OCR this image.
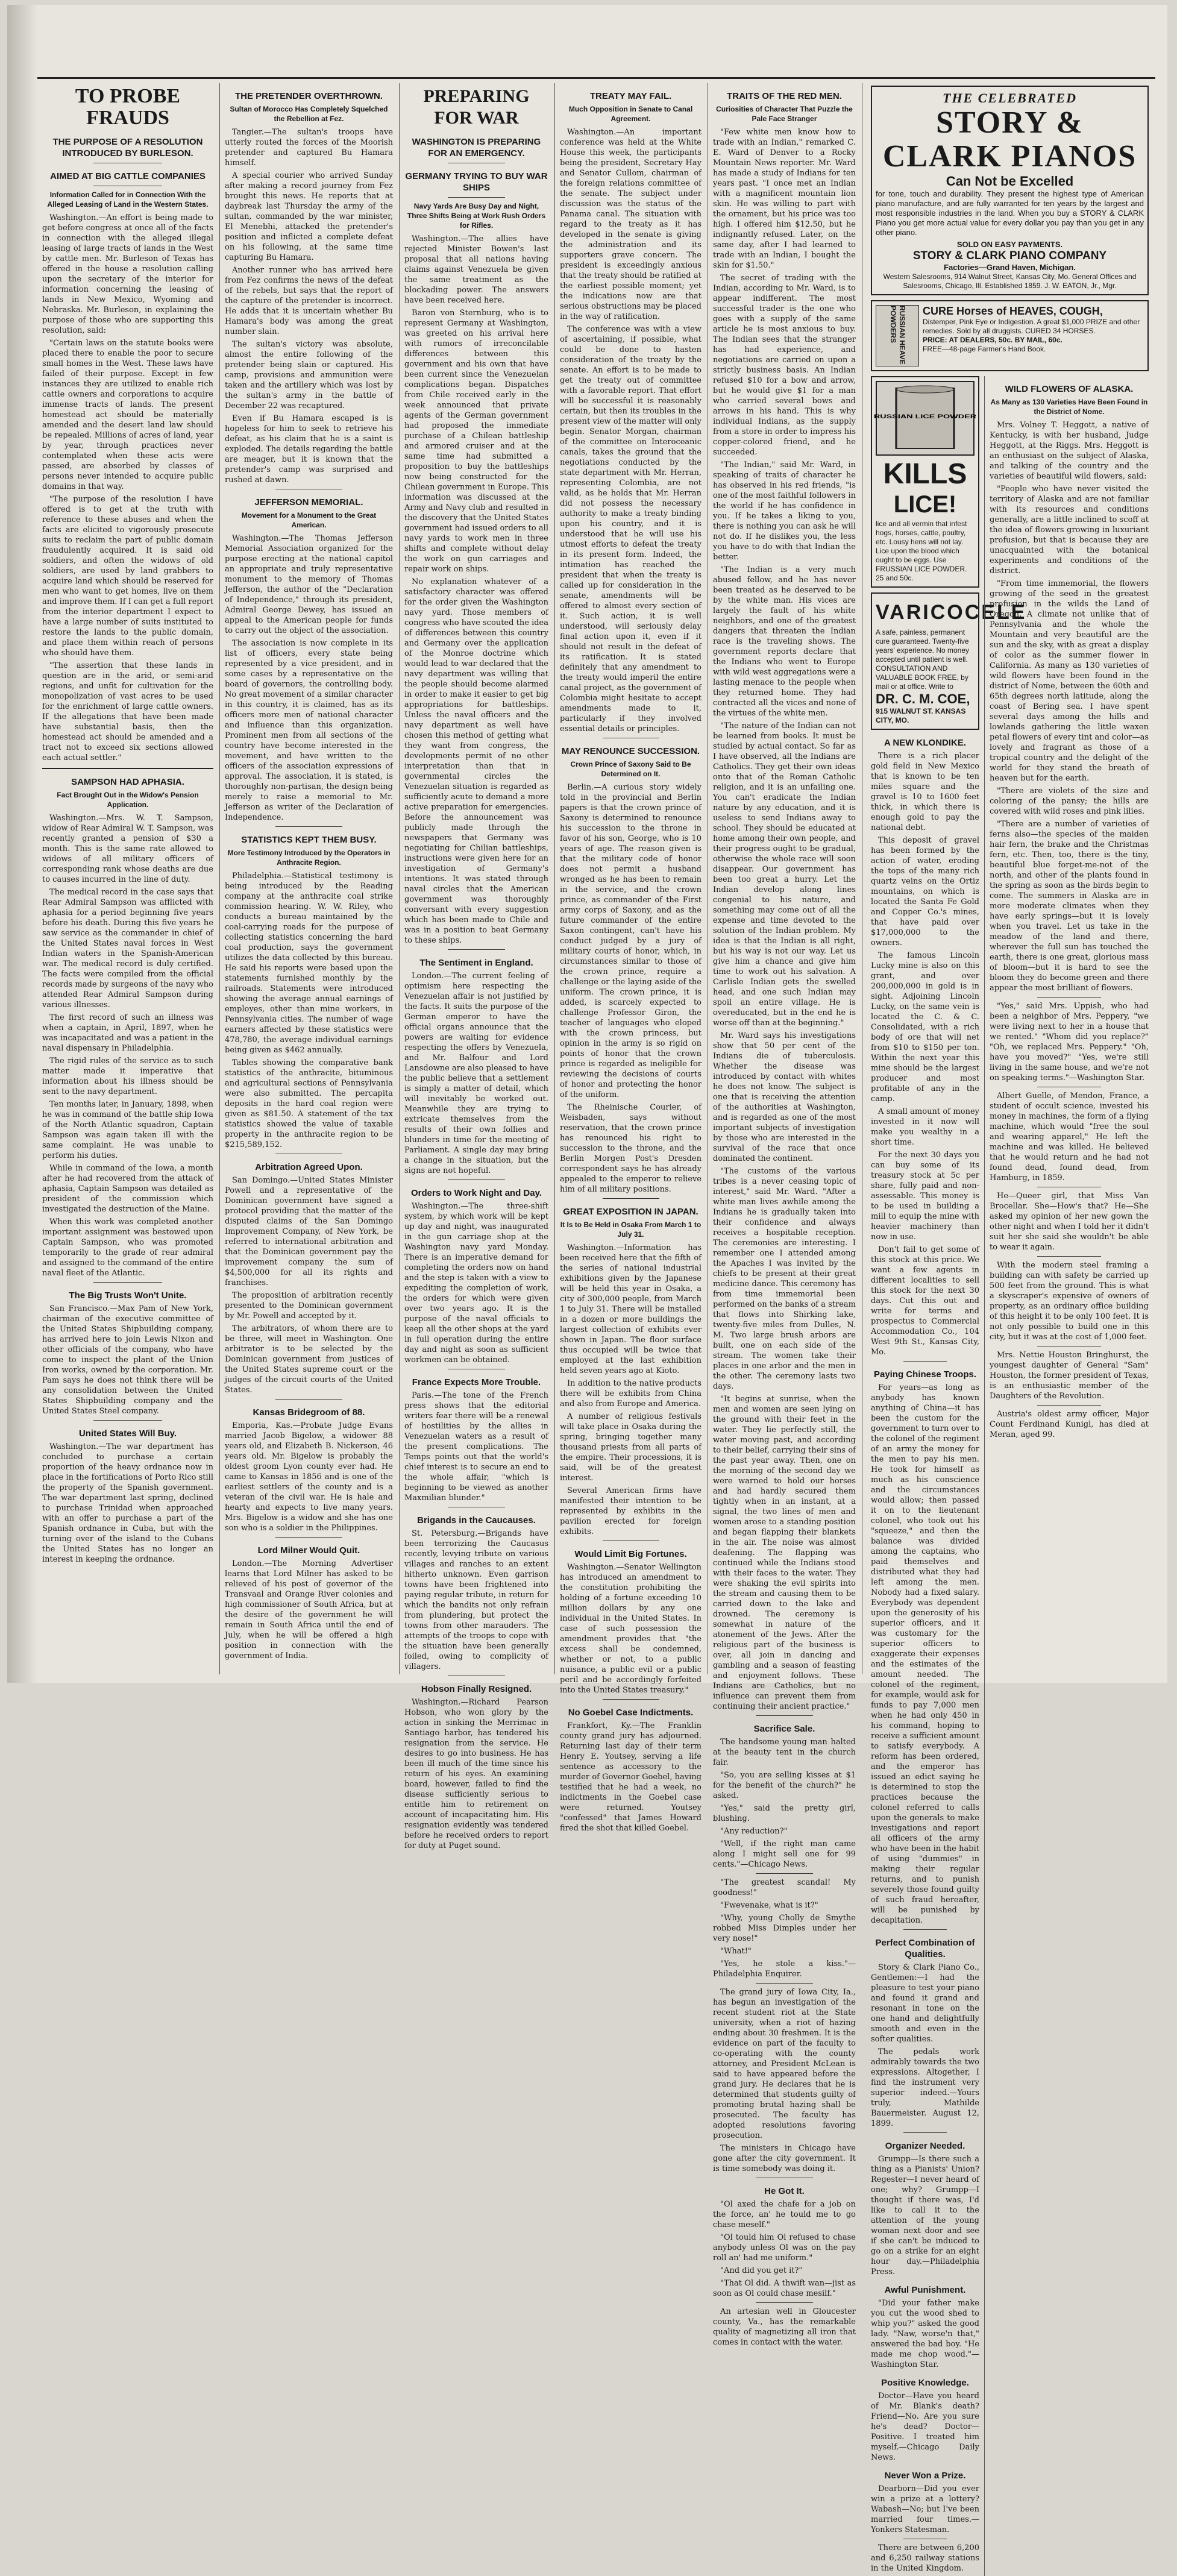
TO PROBE FRAUDS
THE PURPOSE OF A RESOLUTION INTRODUCED BY BURLESON.
AIMED AT BIG CATTLE COMPANIES
Information Called for in Connection With the Alleged Leasing of Land in the Western States.

Washington.—An effort is being made to get before congress at once all of the facts in connection with the alleged illegal leasing of large tracts of lands in the West by cattle men. Mr. Burleson of Texas has offered in the house a resolution calling upon the secretary of the interior for information concerning the leasing of lands in New Mexico, Wyoming and Nebraska. Mr. Burleson, in explaining the purpose of those who are supporting this resolution, said:

"Certain laws on the statute books were placed there to enable the poor to secure small homes in the West. These laws have failed of their purpose. Except in few instances they are utilized to enable rich cattle owners and corporations to acquire immense tracts of lands. The present homestead act should be materially amended and the desert land law should be repealed. Millions of acres of land, year by year, through practices never contemplated when these acts were passed, are absorbed by classes of persons never intended to acquire public domains in that way.

"The purpose of the resolution I have offered is to get at the truth with reference to these abuses and when the facts are elicited to vigorously prosecute suits to reclaim the part of public domain fraudulently acquired. It is said old soldiers, and often the widows of old soldiers, are used by land grabbers to acquire land which should be reserved for men who want to get homes, live on them and improve them. If I can get a full report from the interior department I expect to have a large number of suits instituted to restore the lands to the public domain, and place them within reach of persons who should have them.

"The assertion that these lands in question are in the arid, or semi-arid regions, and unfit for cultivation for the monopolization of vast acres to be used for the enrichment of large cattle owners. If the allegations that have been made have substantial basis, then the homestead act should be amended and a tract not to exceed six sections allowed each actual settler."

SAMPSON HAD APHASIA.
Fact Brought Out in the Widow's Pension Application.

Washington.—Mrs. W. T. Sampson, widow of Rear Admiral W. T. Sampson, was recently granted a pension of $30 a month. This is the same rate allowed to widows of all military officers of corresponding rank whose deaths are due to causes incurred in the line of duty.

The medical record in the case says that Rear Admiral Sampson was afflicted with aphasia for a period beginning five years before his death. During this five years he saw service as the commander in chief of the United States naval forces in West Indian waters in the Spanish-American war. The medical record is duly certified. The facts were compiled from the official records made by surgeons of the navy who attended Rear Admiral Sampson during various illnesses.

The first record of such an illness was when a captain, in April, 1897, when he was incapacitated and was a patient in the naval dispensary in Philadelphia.

The rigid rules of the service as to such matter made it imperative that information about his illness should be sent to the navy department.

Ten months later, in January, 1898, when he was in command of the battle ship Iowa of the North Atlantic squadron, Captain Sampson was again taken ill with the same complaint. He was unable to perform his duties.

While in command of the Iowa, a month after he had recovered from the attack of aphasia, Captain Sampson was detailed as president of the commission which investigated the destruction of the Maine.

When this work was completed another important assignment was bestowed upon Captain Sampson, who was promoted temporarily to the grade of rear admiral and assigned to the command of the entire naval fleet of the Atlantic.

The Big Trusts Won't Unite.

San Francisco.—Max Pam of New York, chairman of the executive committee of the United States Shipbuilding company, has arrived here to join Lewis Nixon and other officials of the company, who have come to inspect the plant of the Union Iron works, owned by the corporation. Mr. Pam says he does not think there will be any consolidation between the United States Shipbuilding company and the United States Steel company.

United States Will Buy.

Washington.—The war department has concluded to purchase a certain proportion of the heavy ordnance now in place in the fortifications of Porto Rico still the property of the Spanish government. The war department last spring, declined to purchase Trinidad when approached with an offer to purchase a part of the Spanish ordnance in Cuba, but with the turning over of the island to the Cubans the United States has no longer an interest in keeping the ordnance.

THE PRETENDER OVERTHROWN.
Sultan of Morocco Has Completely Squelched the Rebellion at Fez.

Tangier.—The sultan's troops have utterly routed the forces of the Moorish pretender and captured Bu Hamara himself.

A special courier who arrived Sunday after making a record journey from Fez brought this news. He reports that at daybreak last Thursday the army of the sultan, commanded by the war minister, El Menebhi, attacked the pretender's position and inflicted a complete defeat on his following, at the same time capturing Bu Hamara.

Another runner who has arrived here from Fez confirms the news of the defeat of the rebels, but says that the report of the capture of the pretender is incorrect. He adds that it is uncertain whether Bu Hamara's body was among the great number slain.

The sultan's victory was absolute, almost the entire following of the pretender being slain or captured. His camp, provisions and ammunition were taken and the artillery which was lost by the sultan's army in the battle of December 22 was recaptured.

Even if Bu Hamara escaped is is hopeless for him to seek to retrieve his defeat, as his claim that he is a saint is exploded. The details regarding the battle are meager, but it is known that the pretender's camp was surprised and rushed at dawn.

JEFFERSON MEMORIAL.
Movement for a Monument to the Great American.

Washington.—The Thomas Jefferson Memorial Association organized for the purpose erecting at the national capitol an appropriate and truly representative monument to the memory of Thomas Jefferson, the author of the "Declaration of Independence," through its president, Admiral George Dewey, has issued an appeal to the American people for funds to carry out the object of the association.

The association is now complete in its list of officers, every state being represented by a vice president, and in some cases by a representative on the board of governors, the controlling body. No great movement of a similar character in this country, it is claimed, has as its officers more men of national character and influence than this organization. Prominent men from all sections of the country have become interested in the movement, and have written to the officers of the association expressions of approval. The association, it is stated, is thoroughly non-partisan, the design being merely to raise a memorial to Mr. Jefferson as writer of the Declaration of Independence.

STATISTICS KEPT THEM BUSY.
More Testimony Introduced by the Operators in Anthracite Region.

Philadelphia.—Statistical testimony is being introduced by the Reading company at the anthracite coal strike commission hearing. W. W. Riley, who conducts a bureau maintained by the coal-carrying roads for the purpose of collecting statistics concerning the hard coal production, says the government utilizes the data collected by this bureau. He said his reports were based upon the statements furnished monthly by the railroads. Statements were introduced showing the average annual earnings of employes, other than mine workers, in Pennsylvania cities. The number of wage earners affected by these statistics were 478,780, the average individual earnings being given as $462 annually.

Tables showing the comparative bank statistics of the anthracite, bituminous and agricultural sections of Pennsylvania were also submitted. The percapita deposits in the hard coal region were given as $81.50. A statement of the tax statistics showed the value of taxable property in the anthracite region to be $215,589,152.

Arbitration Agreed Upon.

San Domingo.—United States Minister Powell and a representative of the Dominican government have signed a protocol providing that the matter of the disputed claims of the San Domingo Improvement Company, of New York, be referred to international arbitration and that the Dominican government pay the improvement company the sum of $4,500,000 for all its rights and franchises.

The proposition of arbitration recently presented to the Dominican government by Mr. Powell and accepted by it.

The arbitrators, of whom there are to be three, will meet in Washington. One arbitrator is to be selected by the Dominican government from justices of the United States supreme court or the judges of the circuit courts of the United States.

Kansas Bridegroom of 88.

Emporia, Kas.—Probate Judge Evans married Jacob Bigelow, a widower 88 years old, and Elizabeth B. Nickerson, 46 years old. Mr. Bigelow is probably the oldest groom Lyon county ever had. He came to Kansas in 1856 and is one of the earliest settlers of the county and is a veteran of the civil war. He is hale and hearty and expects to live many years. Mrs. Bigelow is a widow and she has one son who is a soldier in the Philippines.

Lord Milner Would Quit.

London.—The Morning Advertiser learns that Lord Milner has asked to be relieved of his post of governor of the Transvaal and Orange River colonies and high commissioner of South Africa, but at the desire of the government he will remain in South Africa until the end of July, when he will be offered a high position in connection with the government of India.

PREPARING FOR WAR
WASHINGTON IS PREPARING FOR AN EMERGENCY.
GERMANY TRYING TO BUY WAR SHIPS
Navy Yards Are Busy Day and Night, Three Shifts Being at Work Rush Orders for Rifles.

Washington.—The allies have rejected Minister Bowen's last proposal that all nations having claims against Venezuela be given the same treatment as the blockading power. The answers have been received here.

Baron von Sternburg, who is to represent Germany at Washington, was greeted on his arrival here with rumors of irreconcilable differences between this government and his own that have been current since the Venezuelan complications began. Dispatches from Chile received early in the week announced that private agents of the German government had proposed the immediate purchase of a Chilean battleship and armored cruiser and at the same time had submitted a proposition to buy the battleships now being constructed for the Chilean government in Europe. This information was discussed at the Army and Navy club and resulted in the discovery that the United States government had issued orders to all navy yards to work men in three shifts and complete without delay the work on gun carriages and repair work on ships.

No explanation whatever of a satisfactory character was offered for the order given the Washington navy yard. Those members of congress who have scouted the idea of differences between this country and Germany over the application of the Monroe doctrine which would lead to war declared that the navy department was willing that the people should become alarmed in order to make it easier to get big appropriations for battleships. Unless the naval officers and the navy department as well have chosen this method of getting what they want from congress, the developments permit of no other interpretation than that in governmental circles the Venezuelan situation is regarded as sufficiently acute to demand a more active preparation for emergencies. Before the announcement was publicly made through the newspapers that Germany was negotiating for Chilian battleships, instructions were given here for an investigation of Germany's intentions. It was stated through naval circles that the American government was thoroughly conversant with every suggestion which has been made to Chile and was in a position to beat Germany to these ships.

The Sentiment in England.

London.—The current feeling of optimism here respecting the Venezuelan affair is not justified by the facts. It suits the purpose of the German emperor to have the official organs announce that the powers are waiting for evidence respecting the offers by Venezuela, and Mr. Balfour and Lord Lansdowne are also pleased to have the public believe that a settlement is simply a matter of detail, which will inevitably be worked out. Meanwhile they are trying to extricate themselves from the results of their own follies and blunders in time for the meeting of Parliament. A single day may bring a change in the situation, but the signs are not hopeful.

Orders to Work Night and Day.

Washington.—The three-shift system, by which work will be kept up day and night, was inaugurated in the gun carriage shop at the Washington navy yard Monday. There is an imperative demand for completing the orders now on hand and the step is taken with a view to expediting the completion of work, the orders for which were given over two years ago. It is the purpose of the naval officials to keep all the other shops at the yard in full operation during the entire day and night as soon as sufficient workmen can be obtained.

France Expects More Trouble.

Paris.—The tone of the French press shows that the editorial writers fear there will be a renewal of hostilities by the allies in Venezuelan waters as a result of the present complications. The Temps points out that the world's chief interest is to secure an end to the whole affair, "which is beginning to be viewed as another Maxmilian blunder."

Brigands in the Caucauses.

St. Petersburg.—Brigands have been terrorizing the Caucasus recently, levying tribute on various villages and ranches to an extent hitherto unknown. Even garrison towns have been frightened into paying regular tribute, in return for which the bandits not only refrain from plundering, but protect the towns from other marauders. The attempts of the troops to cope with the situation have been generally foiled, owing to complicity of villagers.

Hobson Finally Resigned.

Washington.—Richard Pearson Hobson, who won glory by the action in sinking the Merrimac in Santiago harbor, has tendered his resignation from the service. He desires to go into business. He has been ill much of the time since his return of his eyes. An examining board, however, failed to find the disease sufficiently serious to entitle him to retirement on account of incapacitating him. His resignation evidently was tendered before he received orders to report for duty at Puget sound.

TREATY MAY FAIL.
Much Opposition in Senate to Canal Agreement.

Washington.—An important conference was held at the White House this week, the participants being the president, Secretary Hay and Senator Cullom, chairman of the foreign relations committee of the senate. The subject under discussion was the status of the Panama canal. The situation with regard to the treaty as it has developed in the senate is giving the administration and its supporters grave concern. The president is exceedingly anxious that the treaty should be ratified at the earliest possible moment; yet the indications now are that serious obstructions may be placed in the way of ratification.

The conference was with a view of ascertaining, if possible, what could be done to hasten consideration of the treaty by the senate. An effort is to be made to get the treaty out of committee with a favorable report. That effort will be successful it is reasonably certain, but then its troubles in the present view of the matter will only begin. Senator Morgan, chairman of the committee on Interoceanic canals, takes the ground that the negotiations conducted by the state department with Mr. Herran, representing Colombia, are not valid, as he holds that Mr. Herran did not possess the necessary authority to make a treaty binding upon his country, and it is understood that he will use his utmost efforts to defeat the treaty in its present form. Indeed, the intimation has reached the president that when the treaty is called up for consideration in the senate, amendments will be offered to almost every section of it. Such action, it is well understood, will seriously delay final action upon it, even if it should not result in the defeat of its ratification. It is stated definitely that any amendment to the treaty would imperil the entire canal project, as the government of Colombia might hesitate to accept amendments made to it, particularly if they involved essential details or principles.

MAY RENOUNCE SUCCESSION.
Crown Prince of Saxony Said to Be Determined on It.

Berlin.—A curious story widely told in the provincial and Berlin papers is that the crown prince of Saxony is determined to renounce his succession to the throne in favor of his son, George, who is 10 years of age. The reason given is that the military code of honor does not permit a husband wronged as he has been to remain in the service, and the crown prince, as commander of the First army corps of Saxony, and as the future commander of the entire Saxon contingent, can't have his conduct judged by a jury of military courts of honor, which, in circumstances similar to those of the crown prince, require a challenge or the laying aside of the uniform. The crown prince, it is added, is scarcely expected to challenge Professor Giron, the teacher of languages who eloped with the crown princess, but opinion in the army is so rigid on points of honor that the crown prince is regarded as ineligible for reviewing the decisions of courts of honor and protecting the honor of the uniform.

The Rheinische Courier, of Weisbaden, says without reservation, that the crown prince has renounced his right to succession to the throne, and the Berlin Morgen Post's Dresden correspondent says he has already appealed to the emperor to relieve him of all military positions.

GREAT EXPOSITION IN JAPAN.
It Is to Be Held in Osaka From March 1 to July 31.

Washington.—Information has been received here that the fifth of the series of national industrial exhibitions given by the Japanese will be held this year in Osaka, a city of 300,000 people, from March 1 to July 31. There will be installed in a dozen or more buildings the largest collection of exhibits ever shown in Japan. The floor surface thus occupied will be twice that employed at the last exhibition held seven years ago at Kioto.

In addition to the native products there will be exhibits from China and also from Europe and America.

A number of religious festivals will take place in Osaka during the spring, bringing together many thousand priests from all parts of the empire. Their processions, it is said, will be of the greatest interest.

Several American firms have manifested their intention to be represented by exhibits in the pavilion erected for foreign exhibits.

Would Limit Big Fortunes.

Washington.—Senator Wellington has introduced an amendment to the constitution prohibiting the holding of a fortune exceeding 10 million dollars by any one individual in the United States. In case of such possession the amendment provides that "the excess shall be condemned, whether or not, to a public nuisance, a public evil or a public peril and be accordingly forfeited into the United States treasury."

No Goebel Case Indictments.

Frankfort, Ky.—The Franklin county grand jury has adjourned. Returning last day of their term Henry E. Youtsey, serving a life sentence as accessory to the murder of Governor Goebel, having testified that he had a week, no indictments in the Goebel case were returned. Youtsey "confessed" that James Howard fired the shot that killed Goebel.

TRAITS OF THE RED MEN.
Curiosities of Character That Puzzle the Pale Face Stranger

"Few white men know how to trade with an Indian," remarked C. E. Ward of Denver to a Rocky Mountain News reporter. Mr. Ward has made a study of Indians for ten years past. "I once met an Indian with a magnificent mountain lion skin. He was willing to part with the ornament, but his price was too high. I offered him $12.50, but he indignantly refused. Later, on the same day, after I had learned to trade with an Indian, I bought the skin for $1.50."

The secret of trading with the Indian, according to Mr. Ward, is to appear indifferent. The most successful trader is the one who goes with a supply of the same article he is most anxious to buy. The Indian sees that the stranger has had experience, and negotiations are carried on upon a strictly business basis. An Indian refused $10 for a bow and arrow, but he would give $1 for a man who carried several bows and arrows in his hand. This is why individual Indians, as the supply from a store in order to impress his copper-colored friend, and he succeeded.

"The Indian," said Mr. Ward, in speaking of traits of character he has observed in his red friends, "is one of the most faithful followers in the world if he has confidence in you. If he takes a liking to you, there is nothing you can ask he will not do. If he dislikes you, the less you have to do with that Indian the better.

"The Indian is a very much abused fellow, and he has never been treated as he deserved to be by the white man. His vices are largely the fault of his white neighbors, and one of the greatest dangers that threaten the Indian race is the traveling shows. The government reports declare that the Indians who went to Europe with wild west aggregations were a lasting menace to the people when they returned home. They had contracted all the vices and none of the virtues of the white men.

"The nature of the Indian can not be learned from books. It must be studied by actual contact. So far as I have observed, all the Indians are Catholics. They get their own ideas onto that of the Roman Catholic religion, and it is an unfailing one. You can't eradicate the Indian nature by any education, and it is useless to send Indians away to school. They should be educated at home among their own people, and their progress ought to be gradual, otherwise the whole race will soon disappear. Our government has been too great a hurry. Let the Indian develop along lines congenial to his nature, and something may come out of all the expense and time devoted to the solution of the Indian problem. My idea is that the Indian is all right, but his way is not our way. Let us give him a chance and give him time to work out his salvation. A Carlisle Indian gets the swelled head, and one such Indian may spoil an entire village. He is overeducated, but in the end he is worse off than at the beginning."

Mr. Ward says his investigations show that 50 per cent of the Indians die of tuberculosis. Whether the disease was introduced by contact with whites he does not know. The subject is one that is receiving the attention of the authorities at Washington, and is regarded as one of the most important subjects of investigation by those who are interested in the survival of the race that once dominated the continent.

"The customs of the various tribes is a never ceasing topic of interest," said Mr. Ward. "After a white man lives awhile among the Indians he is gradually taken into their confidence and always receives a hospitable reception. The ceremonies are interesting. I remember one I attended among the Apaches I was invited by the chiefs to be present at their great medicine dance. This ceremony has from time immemorial been performed on the banks of a stream that flows into Shirking lake, twenty-five miles from Dulles, N. M. Two large brush arbors are built, one on each side of the stream. The women take their places in one arbor and the men in the other. The ceremony lasts two days.

"It begins at sunrise, when the men and women are seen lying on the ground with their feet in the water. They lie perfectly still, the water moving past, and according to their belief, carrying their sins of the past year away. Then, one on the morning of the second day we were warned to hold our horses and had hardly secured them tightly when in an instant, at a signal, the two lines of men and women arose to a standing position and began flapping their blankets in the air. The noise was almost deafening. The flapping was continued while the Indians stood with their faces to the water. They were shaking the evil spirits into the stream and causing them to be carried down to the lake and drowned. The ceremony is somewhat in nature of the atonement of the Jews. After the religious part of the business is over, all join in dancing and gambling and a season of feasting and enjoyment follows. These Indians are Catholics, but no influence can prevent them from continuing their ancient practice."

Sacrifice Sale.

The handsome young man halted at the beauty tent in the church fair.

"So, you are selling kisses at $1 for the benefit of the church?" he asked.

"Yes," said the pretty girl, blushing.

"Any reduction?"

"Well, if the right man came along I might sell one for 99 cents."—Chicago News.

"The greatest scandal! My goodness!"

"Fwevenake, what is it?"

"Why, young Cholly de Smythe robbed Miss Dimples under her very nose!"

"What!"

"Yes, he stole a kiss."—Philadelphia Enquirer.

The grand jury of Iowa City, Ia., has begun an investigation of the recent student riot at the State university, when a riot of hazing ending about 30 freshmen. It is the evidence on part of the faculty to co-operating with the county attorney, and President McLean is said to have appeared before the grand jury. He declares that he is determined that students guilty of promoting brutal hazing shall be prosecuted. The faculty has adopted resolutions favoring prosecution.

The ministers in Chicago have gone after the city government. It is time somebody was doing it.

He Got It.

"Ol axed the chafe for a job on the force, an' he tould me to go chase meself."

"Ol tould him Ol refused to chase anybody unless Ol was on the pay roll an' had me uniform."

"And did you get it?"

"That Ol did. A thwift wan—jist as soon as Ol could chase mesilf."

An artesian well in Gloucester county, Va., has the remarkable quality of magnetizing all iron that comes in contact with the water.

THE CELEBRATED
STORY & CLARK PIANOS
Can Not be Excelled
for tone, touch and durability. They present the highest type of American piano manufacture, and are fully warranted for ten years by the largest and most responsible industries in the land. When you buy a STORY & CLARK Piano you get more actual value for every dollar you pay than you get in any other piano.
SOLD ON EASY PAYMENTS.
STORY & CLARK PIANO COMPANY
Factories—Grand Haven, Michigan.
Western Salesrooms, 914 Walnut Street, Kansas City, Mo. General Offices and Salesrooms, Chicago, Ill. Established 1859. J. W. EATON, Jr., Mgr.
RUSSIAN HEAVE POWDERS	CURE Horses of HEAVES, COUGH,
Distemper, Pink Eye or Indigestion. A great $1,000 PRIZE and other remedies. Sold by all druggists. CURED 34 HORSES.
PRICE: AT DEALERS, 50c. BY MAIL, 60c.
FREE—48-page Farmer's Hand Book.
RUSSIAN LICE POWDER
KILLS
LICE!
lice and all vermin that infest hogs, horses, cattle, poultry, etc. Lousy hens will not lay. Lice upon the blood which ought to be eggs. Use FRUSSIAN LICE POWDER. 25 and 50c.
VARICOCELE
A safe, painless, permanent cure guaranteed. Twenty-five years' experience. No money accepted until patient is well. CONSULTATION AND VALUABLE BOOK FREE, by mail or at office. Write to
DR. C. M. COE,
915 WALNUT ST. KANSAS CITY, MO.
A NEW KLONDIKE.

There is a rich placer gold field in New Mexico that is known to be ten miles square and the gravel is 10 to 1600 feet thick, in which there is enough gold to pay the national debt.

This deposit of gravel has been formed by the action of water, eroding the tops of the many rich quartz veins on the Ortiz mountains, on which is located the Santa Fe Gold and Copper Co.'s mines, that have paid over $17,000,000 to the owners.

The famous Lincoln Lucky mine is also on this grant, and over 200,000,000 in gold is in sight. Adjoining Lincoln Lucky, on the same vein is located the C. & C. Consolidated, with a rich body of ore that will net from $10 to $150 per ton. Within the next year this mine should be the largest producer and most profitable of any in the camp.

A small amount of money invested in it now will make you wealthy in a short time.

For the next 30 days you can buy some of its treasury stock at 5c per share, fully paid and non-assessable. This money is to be used in building a mill to equip the mine with heavier machinery than now in use.

Don't fail to get some of this stock at this price. We want a few agents in different localities to sell this stock for the next 30 days. Cut this out and write for terms and prospectus to Commercial Accommodation Co., 104 West 9th St., Kansas City, Mo.

Paying Chinese Troops.

For years—as long as anybody has known anything of China—it has been the custom for the government to turn over to the colonel of the regiment of an army the money for the men to pay his men. He took for himself as much as his conscience and the circumstances would allow; then passed it on to the lieutenant colonel, who took out his "squeeze," and then the balance was divided among the captains, who paid themselves and distributed what they had left among the men. Nobody had a fixed salary. Everybody was dependent upon the generosity of his superior officers, and it was customary for the superior officers to exaggerate their expenses and the estimates of the amount needed. The colonel of the regiment, for example, would ask for funds to pay 7,000 men when he had only 450 in his command, hoping to receive a sufficient amount to satisfy everybody. A reform has been ordered, and the emperor has issued an edict saying he is determined to stop the practices because the colonel referred to calls upon the generals to make investigations and report all officers of the army who have been in the habit of using "dummies" in making their regular returns, and to punish severely those found guilty of such fraud hereafter, will be punished by decapitation.

Perfect Combination of Qualities.

Story & Clark Piano Co., Gentlemen:—I had the pleasure to test your piano and found it grand and resonant in tone on the one hand and delightfully smooth and even in the softer qualities.

The pedals work admirably towards the two expressions. Altogether, I find the instrument very superior indeed.—Yours truly, Mathilde Bauermeister. August 12, 1899.

Organizer Needed.

Grumpp—Is there such a thing as a Pianists' Union? Regester—I never heard of one; why? Grumpp—I thought if there was, I'd like to call it to the attention of the young woman next door and see if she can't be induced to go on a strike for an eight hour day.—Philadelphia Press.

Awful Punishment.

"Did your father make you cut the wood shed to whip you?" asked the good lady. "Naw, worse'n that," answered the bad boy. "He made me chop wood."—Washington Star.

Positive Knowledge.

Doctor—Have you heard of Mr. Blank's death? Friend—No. Are you sure he's dead? Doctor—Positive. I treated him myself.—Chicago Daily News.

Never Won a Prize.

Dearborn—Did you ever win a prize at a lottery? Wabash—No; but I've been married four times.—Yonkers Statesman.

There are between 6,200 and 6,250 railway stations in the United Kingdom.

WILD FLOWERS OF ALASKA.
As Many as 130 Varieties Have Been Found in the District of Nome.

Mrs. Volney T. Heggott, a native of Kentucky, is with her husband, Judge Heggott, at the Riggs. Mrs. Heggott is an enthusiast on the subject of Alaska, and talking of the country and the varieties of beautiful wild flowers, said:

"People who have never visited the territory of Alaska and are not familiar with its resources and conditions generally, are a little inclined to scoff at the idea of flowers growing in luxuriant profusion, but that is because they are unacquainted with the botanical experiments and conditions of the district.

"From time immemorial, the flowers growing of the seed in the greatest profusion in the wilds the Land of Oregon. A climate not unlike that of Pennsylvania and the whole the Mountain and very beautiful are the sun and the sky, with as great a display of color as the summer flower in California. As many as 130 varieties of wild flowers have been found in the district of Nome, between the 60th and 65th degrees north latitude, along the coast of Bering sea. I have spent several days among the hills and lowlands gathering the little waxen petal flowers of every tint and color—as lovely and fragrant as those of a tropical country and the delight of the world for they stand the breath of heaven but for the earth.

"There are violets of the size and coloring of the pansy; the hills are covered with wild roses and pink lilies.

"There are a number of varieties of ferns also—the species of the maiden hair fern, the brake and the Christmas fern, etc. Then, too, there is the tiny, beautiful blue forget-me-not of the north, and other of the plants found in the spring as soon as the birds begin to come. The summers in Alaska are in more moderate climates when they have early springs—but it is lovely when you travel. Let us take in the meadow of the land and there, wherever the full sun has touched the earth, there is one great, glorious mass of bloom—but it is hard to see the bloom they do become green and there appear the most brilliant of flowers.

"Yes," said Mrs. Uppish, who had been a neighbor of Mrs. Peppery, "we were living next to her in a house that we rented." "Whom did you replace?" "Oh, we replaced Mrs. Peppery." "Oh, have you moved?" "Yes, we're still living in the same house, and we're not on speaking terms."—Washington Star.

Albert Guelle, of Mendon, France, a student of occult science, invested his money in machines, the form of a flying machine, which would "free the soul and wearing apparel," He left the machine and was killed. He believed that he would return and he had not found dead, found dead, from Hamburg, in 1859.

He—Queer girl, that Miss Van Brocellar. She—How's that? He—She asked my opinion of her new gown the other night and when I told her it didn't suit her she said she wouldn't be able to wear it again.

With the modern steel framing a building can with safety be carried up 500 feet from the ground. This is what a skyscraper's expensive of owners of property, as an ordinary office building of this height it to be only 100 feet. It is not only possible to build one in this city, but it was at the cost of 1,000 feet.

Mrs. Nettie Houston Bringhurst, the youngest daughter of General "Sam" Houston, the former president of Texas, is an enthusiastic member of the Daughters of the Revolution.

Austria's oldest army officer, Major Count Ferdinand Kunigl, has died at Meran, aged 99.
